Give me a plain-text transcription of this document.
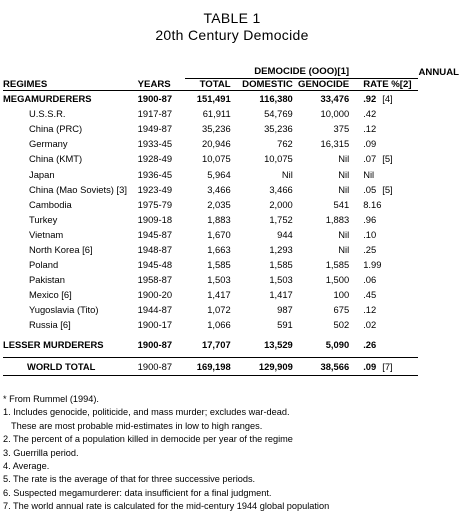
TABLE 1
20th Century Democide
		DEMOCIDE (OOO)[1]				ANNUAL
REGIMES	YEARS	TOTAL	DOMESTIC	GENOCIDE	RATE %[2]	
MEGAMURDERERS	1900-87	151,491	116,380	33,476	.92 [4]	
U.S.S.R.	1917-87	61,911	54,769	10,000	.42	
China (PRC)	1949-87	35,236	35,236	375	.12	
Germany	1933-45	20,946	762	16,315	.09	
China (KMT)	1928-49	10,075	10,075	Nil	.07 [5]	
Japan	1936-45	5,964	Nil	Nil	Nil	
China (Mao Soviets) [3]	1923-49	3,466	3,466	Nil	.05 [5]	
Cambodia	1975-79	2,035	2,000	541	8.16	
Turkey	1909-18	1,883	1,752	1,883	.96	
Vietnam	1945-87	1,670	944	Nil	.10	
North Korea [6]	1948-87	1,663	1,293	Nil	.25	
Poland	1945-48	1,585	1,585	1,585	1.99	
Pakistan	1958-87	1,503	1,503	1,500	.06	
Mexico [6]	1900-20	1,417	1,417	100	.45	
Yugoslavia (Tito)	1944-87	1,072	987	675	.12	
Russia [6]	1900-17	1,066	591	502	.02	
LESSER MURDERERS	1900-87	17,707	13,529	5,090	.26	
WORLD TOTAL	1900-87	169,198	129,909	38,566	.09 [7]	
* From Rummel (1994).
1. Includes genocide, politicide, and mass murder; excludes war-dead.
These are most probable mid-estimates in low to high ranges.
2. The percent of a population killed in democide per year of the regime
3. Guerrilla period.
4. Average.
5. The rate is the average of that for three successive periods.
6. Suspected megamurderer: data insufficient for a final judgment.
7. The world annual rate is calculated for the mid-century 1944 global population
